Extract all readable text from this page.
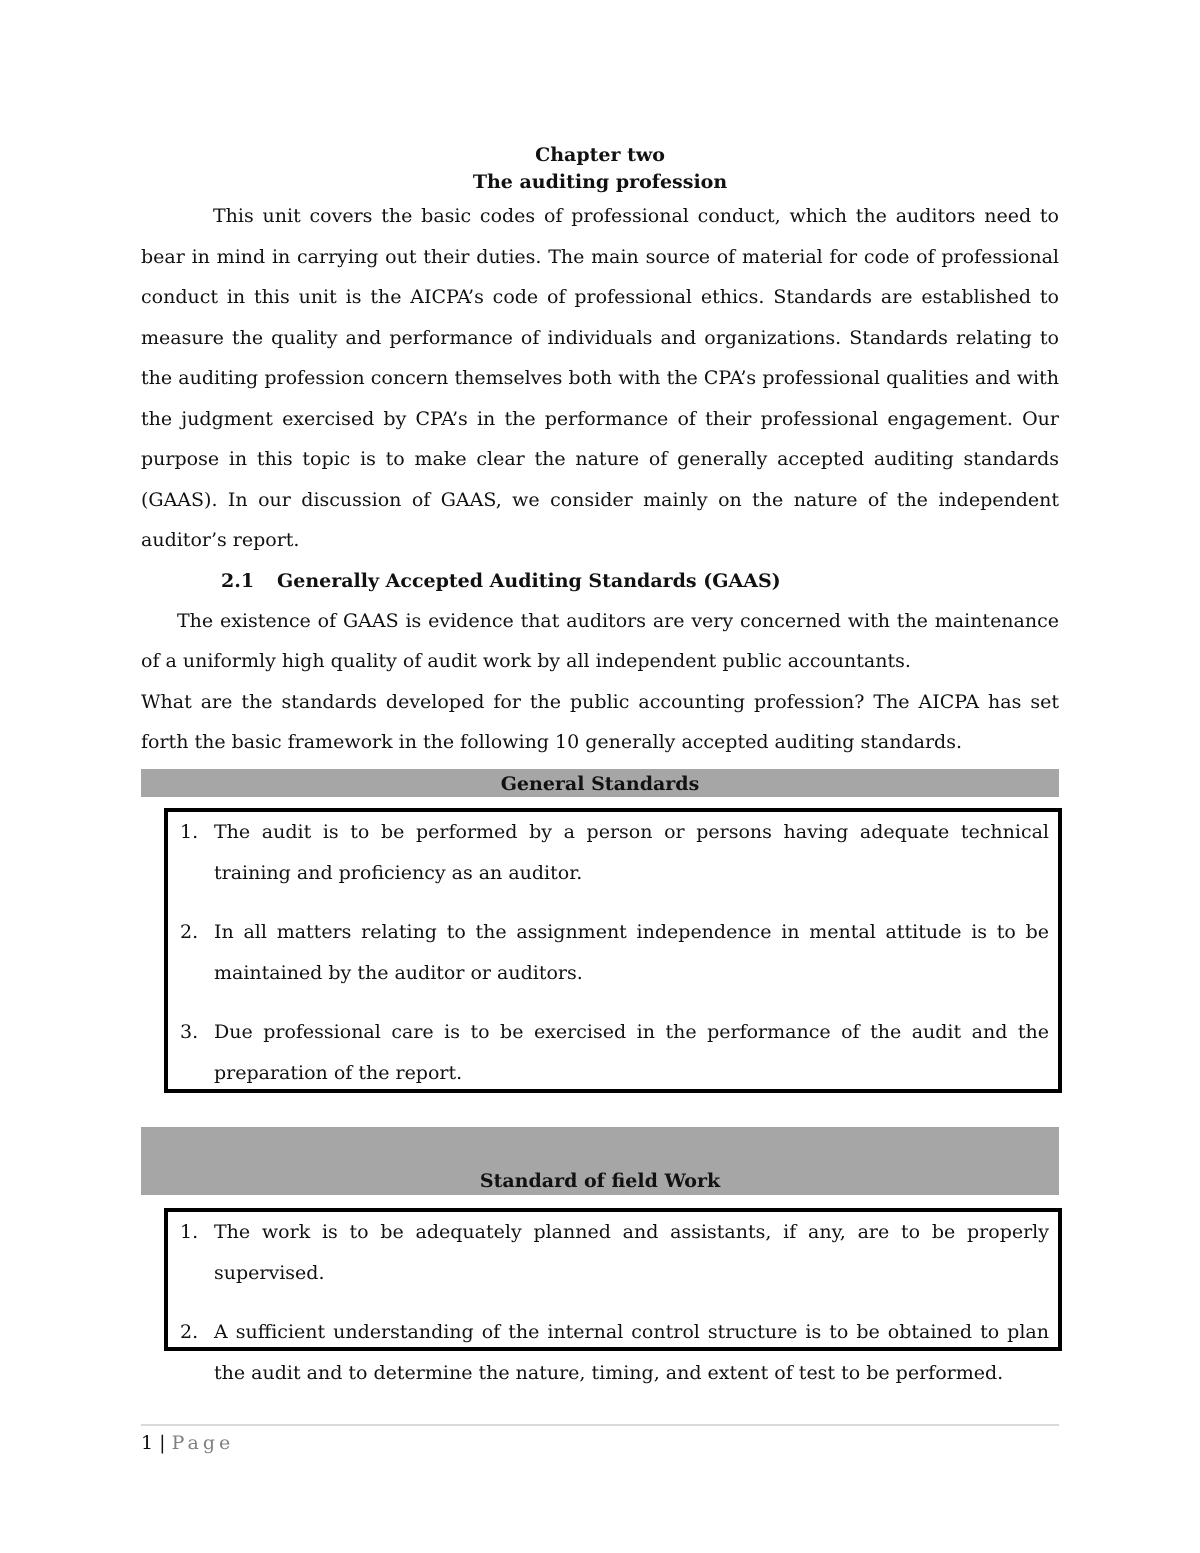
Chapter two
The auditing profession

This unit covers the basic codes of professional conduct, which the auditors need to bear in mind in carrying out their duties. The main source of material for code of professional conduct in this unit is the AICPA’s code of professional ethics. Standards are established to measure the quality and performance of individuals and organizations. Standards relating to the auditing profession concern themselves both with the CPA’s professional qualities and with the judgment exercised by CPA’s in the performance of their professional engagement. Our purpose in this topic is to make clear the nature of generally accepted auditing standards (GAAS). In our discussion of GAAS, we consider mainly on the nature of the independent auditor’s report.

2.1 Generally Accepted Auditing Standards (GAAS)

The existence of GAAS is evidence that auditors are very concerned with the maintenance of a uniformly high quality of audit work by all independent public accountants.

What are the standards developed for the public accounting profession? The AICPA has set forth the basic framework in the following 10 generally accepted auditing standards.

General Standards
1. The audit is to be performed by a person or persons having adequate technical training and proficiency as an auditor.
2. In all matters relating to the assignment independence in mental attitude is to be maintained by the auditor or auditors.
3. Due professional care is to be exercised in the performance of the audit and the preparation of the report.
Standard of field Work
1. The work is to be adequately planned and assistants, if any, are to be properly supervised.
2. A sufficient understanding of the internal control structure is to be obtained to plan the audit and to determine the nature, timing, and extent of test to be performed.
1 | Page
